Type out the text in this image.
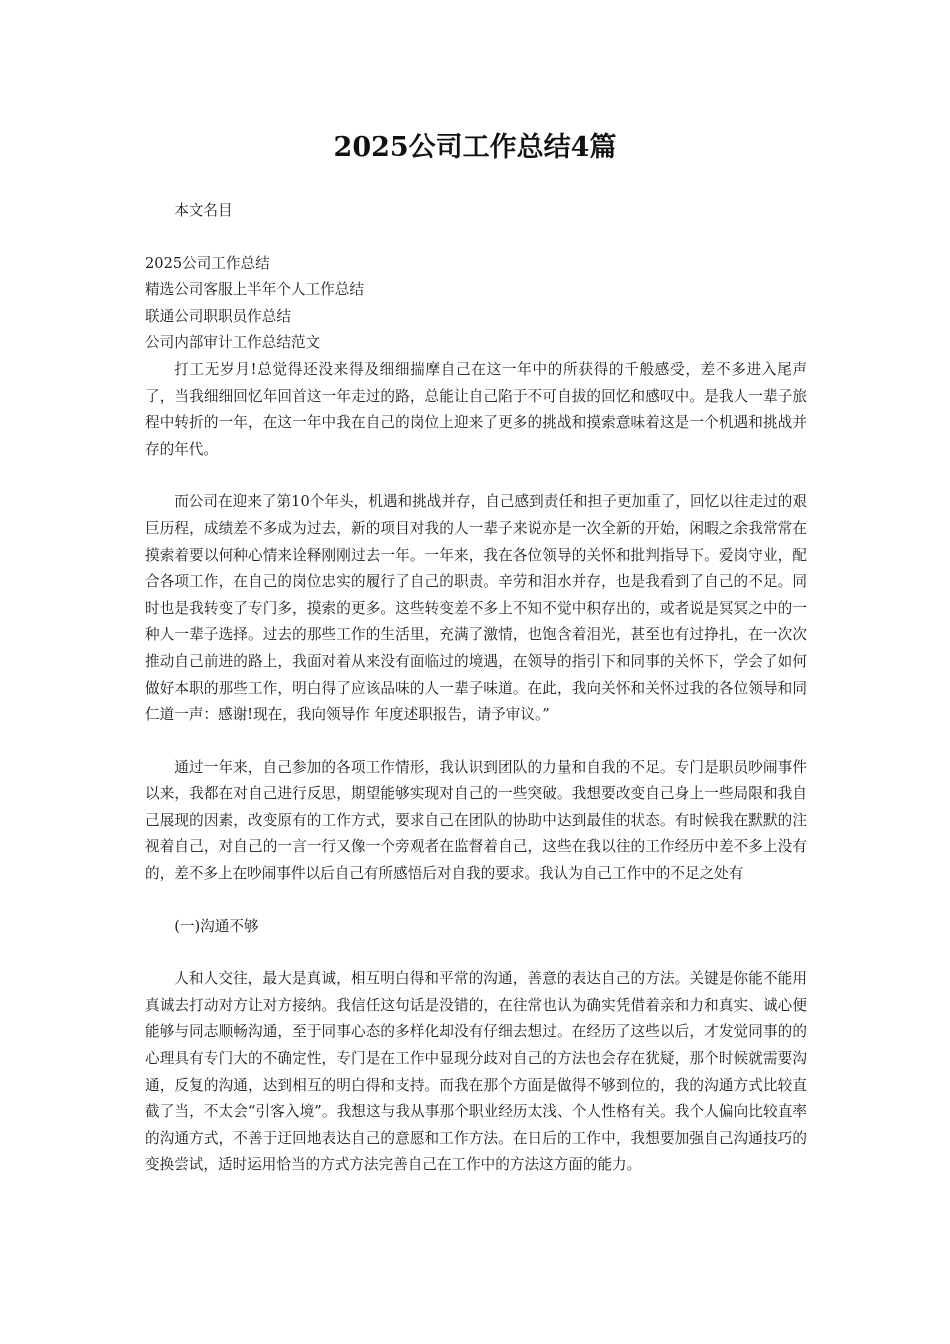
2025公司工作总结4篇

本文名目

2025公司工作总结
精选公司客服上半年个人工作总结
联通公司职职员作总结
公司内部审计工作总结范文

打工无岁月!总觉得还没来得及细细揣摩自己在这一年中的所获得的千般感受，差不多进入尾声了，当我细细回忆年回首这一年走过的路，总能让自己陷于不可自拔的回忆和感叹中。是我人一辈子旅程中转折的一年，在这一年中我在自己的岗位上迎来了更多的挑战和摸索意味着这是一个机遇和挑战并存的年代。

而公司在迎来了第10个年头，机遇和挑战并存，自己感到责任和担子更加重了，回忆以往走过的艰巨历程，成绩差不多成为过去，新的项目对我的人一辈子来说亦是一次全新的开始，闲暇之余我常常在摸索着要以何种心情来诠释刚刚过去一年。一年来，我在各位领导的关怀和批判指导下。爱岗守业，配合各项工作，在自己的岗位忠实的履行了自己的职责。辛劳和泪水并存，也是我看到了自己的不足。同时也是我转变了专门多，摸索的更多。这些转变差不多上不知不觉中积存出的，或者说是冥冥之中的一种人一辈子选择。过去的那些工作的生活里，充满了激情，也饱含着泪光，甚至也有过挣扎，在一次次推动自己前进的路上，我面对着从来没有面临过的境遇，在领导的指引下和同事的关怀下，学会了如何做好本职的那些工作，明白得了应该品味的人一辈子味道。在此，我向关怀和关怀过我的各位领导和同仁道一声：感谢!现在，我向领导作 年度述职报告，请予审议。”

通过一年来，自己参加的各项工作情形，我认识到团队的力量和自我的不足。专门是职员吵闹事件以来，我都在对自己进行反思，期望能够实现对自己的一些突破。我想要改变自己身上一些局限和我自己展现的因素，改变原有的工作方式，要求自己在团队的协助中达到最佳的状态。有时候我在默默的注视着自己，对自己的一言一行又像一个旁观者在监督着自己，这些在我以往的工作经历中差不多上没有的，差不多上在吵闹事件以后自己有所感悟后对自我的要求。我认为自己工作中的不足之处有

(一)沟通不够

人和人交往，最大是真诚，相互明白得和平常的沟通，善意的表达自己的方法。关键是你能不能用真诚去打动对方让对方接纳。我信任这句话是没错的，在往常也认为确实凭借着亲和力和真实、诚心便能够与同志顺畅沟通，至于同事心态的多样化却没有仔细去想过。在经历了这些以后，才发觉同事的的心理具有专门大的不确定性，专门是在工作中显现分歧对自己的方法也会存在犹疑，那个时候就需要沟通，反复的沟通，达到相互的明白得和支持。而我在那个方面是做得不够到位的，我的沟通方式比较直截了当，不太会“引客入境”。我想这与我从事那个职业经历太浅、个人性格有关。我个人偏向比较直率的沟通方式，不善于迂回地表达自己的意愿和工作方法。在日后的工作中，我想要加强自己沟通技巧的变换尝试，适时运用恰当的方式方法完善自己在工作中的方法这方面的能力。
